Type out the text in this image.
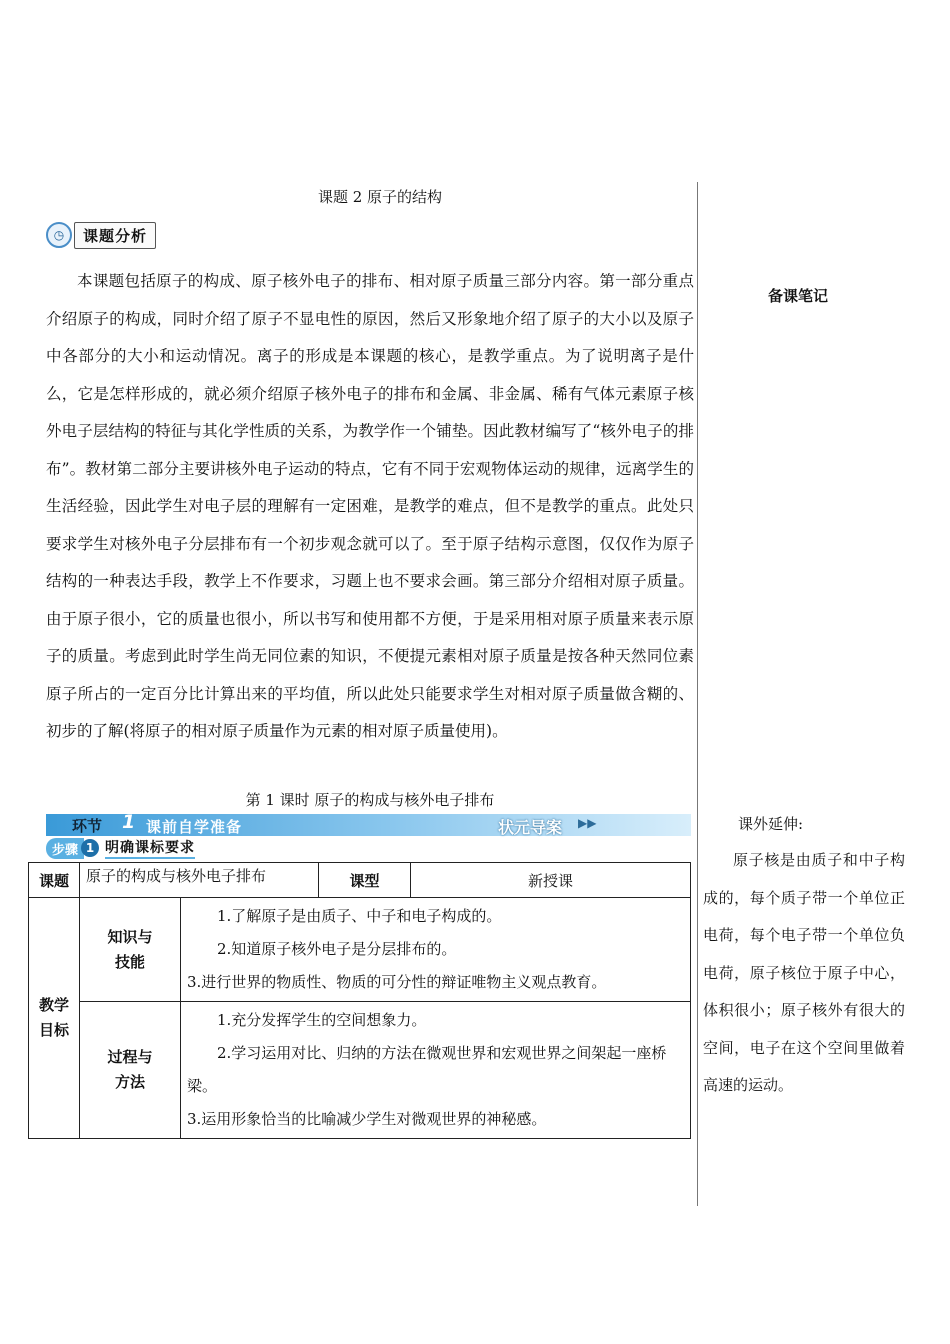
课题 2 原子的结构
◷	课题分析
本课题包括原子的构成、原子核外电子的排布、相对原子质量三部分内容。第一部分重点介绍原子的构成，同时介绍了原子不显电性的原因，然后又形象地介绍了原子的大小以及原子中各部分的大小和运动情况。离子的形成是本课题的核心，是教学重点。为了说明离子是什么，它是怎样形成的，就必须介绍原子核外电子的排布和金属、非金属、稀有气体元素原子核外电子层结构的特征与其化学性质的关系，为教学作一个铺垫。因此教材编写了“核外电子的排布”。教材第二部分主要讲核外电子运动的特点，它有不同于宏观物体运动的规律，远离学生的生活经验，因此学生对电子层的理解有一定困难，是教学的难点，但不是教学的重点。此处只要求学生对核外电子分层排布有一个初步观念就可以了。至于原子结构示意图，仅仅作为原子结构的一种表达手段，教学上不作要求，习题上也不要求会画。第三部分介绍相对原子质量。由于原子很小，它的质量也很小，所以书写和使用都不方便，于是采用相对原子质量来表示原子的质量。考虑到此时学生尚无同位素的知识，不便提元素相对原子质量是按各种天然同位素原子所占的一定百分比计算出来的平均值，所以此处只能要求学生对相对原子质量做含糊的、初步的了解(将原子的相对原子质量作为元素的相对原子质量使用)。
第 1 课时 原子的构成与核外电子排布
环节 1 课前自学准备	状元导案 ▶▶
步骤 1 明确课标要求
课题	原子的构成与核外电子排布		课型	新授课
教学目标	知识与技能	1.了解原子是由质子、中子和电子构成的。

2.知道原子核外电子是分层排布的。

3.进行世界的物质性、物质的可分性的辩证唯物主义观点教育。		

	过程与方法	1.充分发挥学生的空间想象力。

2.学习运用对比、归纳的方法在微观世界和宏观世界之间架起一座桥梁。

3.运用形象恰当的比喻减少学生对微观世界的神秘感。		

备课笔记
课外延伸:
原子核是由质子和中子构成的，每个质子带一个单位正电荷，每个电子带一个单位负电荷，原子核位于原子中心，体积很小；原子核外有很大的空间，电子在这个空间里做着高速的运动。
